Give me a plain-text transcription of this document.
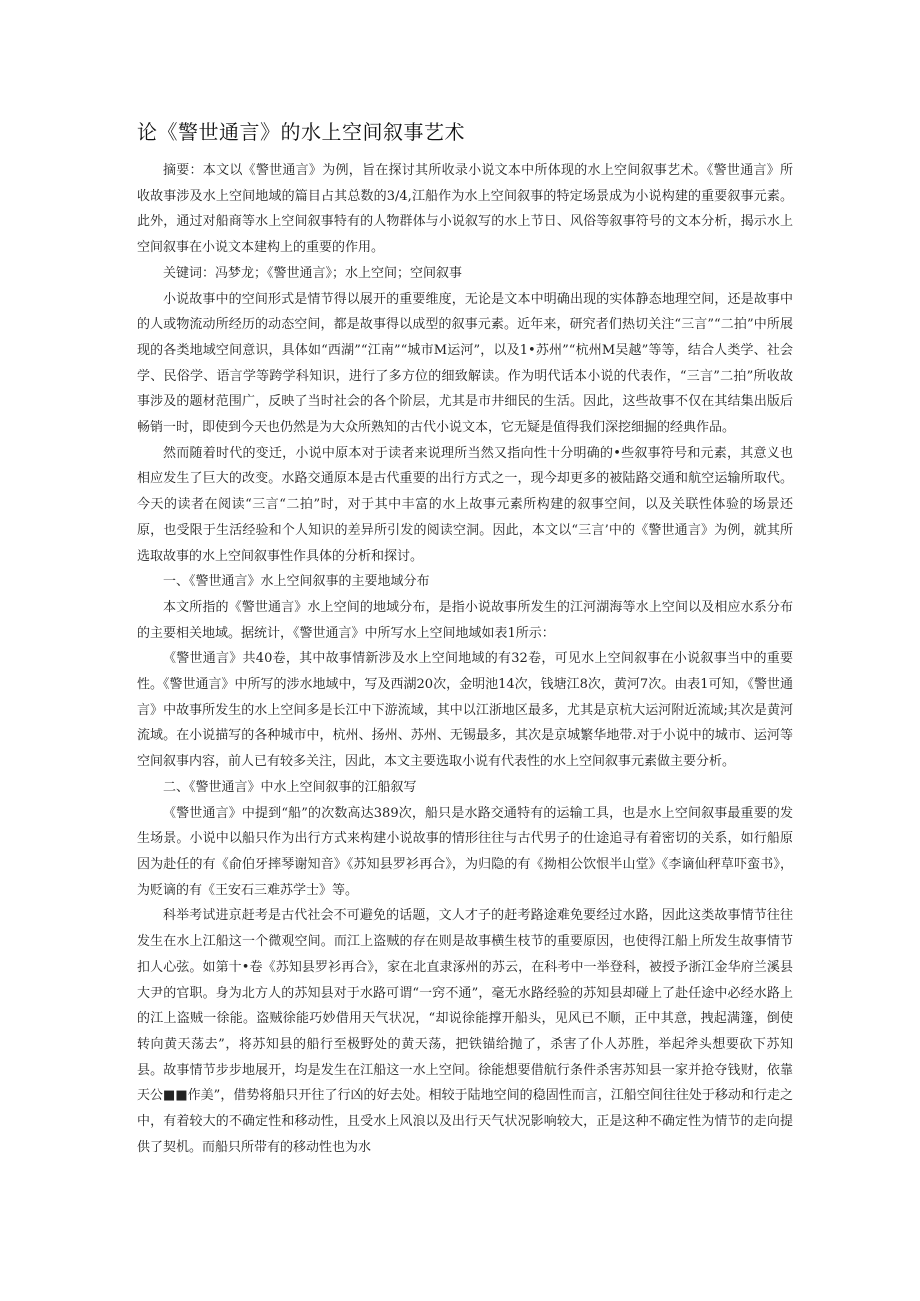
论《警世通言》的水上空间叙事艺术

摘要：本文以《警世通言》为例，旨在探讨其所收录小说文本中所体现的水上空间叙事艺术。《警世通言》所收故事涉及水上空间地域的篇目占其总数的3/4,江船作为水上空间叙事的特定场景成为小说构建的重要叙事元素。此外，通过对船商等水上空间叙事特有的人物群体与小说叙写的水上节日、风俗等叙事符号的文本分析，揭示水上空间叙事在小说文本建构上的重要的作用。

关键词：冯梦龙；《警世通言》；水上空间；空间叙事

小说故事中的空间形式是情节得以展开的重要维度，无论是文本中明确出现的实体静态地理空间，还是故事中的人或物流动所经历的动态空间，都是故事得以成型的叙事元素。近年来，研究者们热切关注“三言”“二拍”中所展现的各类地域空间意识，具体如“西湖”“江南”“城市M运河”，以及1•苏州”“杭州M吴越”等等，结合人类学、社会学、民俗学、语言学等跨学科知识，进行了多方位的细致解读。作为明代话本小说的代表作，“三言”二拍”所收故事涉及的题材范围广，反映了当时社会的各个阶层，尤其是市井细民的生活。因此，这些故事不仅在其结集出版后畅销一时，即使到今天也仍然是为大众所熟知的古代小说文本，它无疑是值得我们深挖细掘的经典作品。

然而随着时代的变迁，小说中原本对于读者来说理所当然又指向性十分明确的•些叙事符号和元素，其意义也相应发生了巨大的改变。水路交通原本是古代重要的出行方式之一，现今却更多的被陆路交通和航空运输所取代。今天的读者在阅读“三言“二拍”时，对于其中丰富的水上故事元素所构建的叙事空间，以及关联性体验的场景还原，也受限于生活经验和个人知识的差异所引发的阅读空洞。因此，本文以“三言’中的《警世通言》为例，就其所选取故事的水上空间叙事性作具体的分析和探讨。

一、《警世通言》水上空间叙事的主要地域分布

本文所指的《警世通言》水上空间的地域分布，是指小说故事所发生的江河湖海等水上空间以及相应水系分布的主要相关地域。据统计，《警世通言》中所写水上空间地域如表1所示：

《警世通言》共40卷，其中故事情新涉及水上空间地域的有32卷，可见水上空间叙事在小说叙事当中的重要性。《警世通言》中所写的涉水地域中，写及西湖20次，金明池14次，钱塘江8次，黄河7次。由表1可知，《警世通言》中故事所发生的水上空间多是长江中下游流域，其中以江浙地区最多，尤其是京杭大运河附近流域;其次是黄河流域。在小说描写的各种城市中，杭州、扬州、苏州、无锡最多，其次是京城繁华地带.对于小说中的城市、运河等空间叙事内容，前人已有较多关注，因此，本文主要选取小说有代表性的水上空间叙事元素做主要分析。

二、《警世通言》中水上空间叙事的江船叙写

《警世通言》中提到“船”的次数高达389次，船只是水路交通特有的运输工具，也是水上空间叙事最重要的发生场景。小说中以船只作为出行方式来构建小说故事的情形往往与古代男子的仕途追寻有着密切的关系，如行船原因为赴任的有《俞伯牙摔琴谢知音》《苏知县罗衫再合》，为归隐的有《拗相公饮恨半山堂》《李谪仙秤草吓蛮书》，为贬谪的有《王安石三难苏学士》等。

科举考试进京赶考是古代社会不可避免的话题，文人才子的赶考路途难免要经过水路，因此这类故事情节往往发生在水上江船这一个微观空间。而江上盗贼的存在则是故事横生枝节的重要原因，也使得江船上所发生故事情节扣人心弦。如第十•卷《苏知县罗衫再合》，家在北直隶涿州的苏云，在科考中一举登科，被授予浙江金华府兰溪县大尹的官职。身为北方人的苏知县对于水路可谓“一窍不通”，毫无水路经验的苏知县却碰上了赴任途中必经水路上的江上盗贼一徐能。盗贼徐能巧妙借用天气状况，“却说徐能撑开船头，见风已不顺，正中其意，拽起满篷，倒使转向黄天荡去”，将苏知县的船行至极野处的黄天荡，把铁锚给抛了，杀害了仆人苏胜，举起斧头想要砍下苏知县。故事情节步步地展开，均是发生在江船这一水上空间。徐能想要借航行条件杀害苏知县一家并抢夺钱财，依靠天公■■作美”，借势将船只开往了行凶的好去处。相较于陆地空间的稳固性而言，江船空间往往处于移动和行走之中，有着较大的不确定性和移动性，且受水上风浪以及出行天气状况影响较大，正是这种不确定性为情节的走向提供了契机。而船只所带有的移动性也为水
